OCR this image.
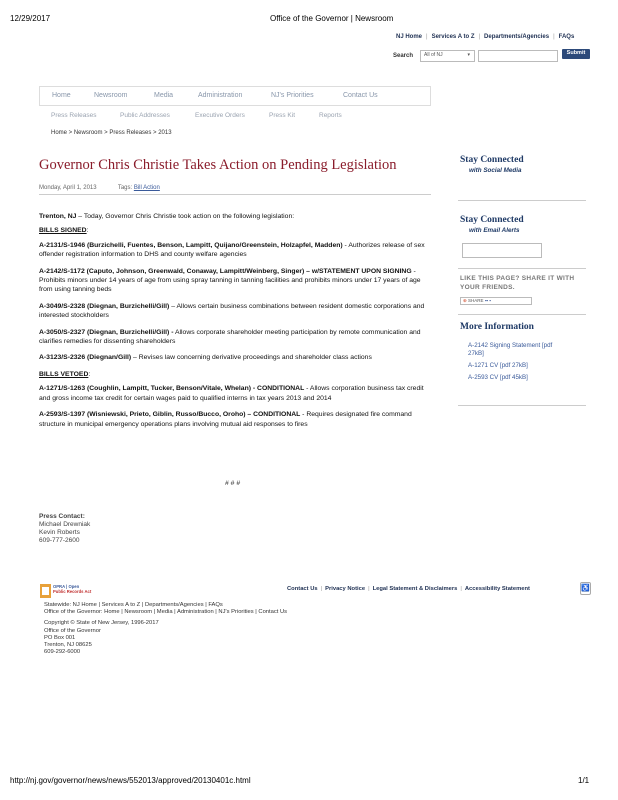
12/29/2017	Office of the Governor | Newsroom
NJ Home | Services A to Z | Departments/Agencies | FAQs
Search	All of NJ	▾	Submit
Home	Newsroom	Media	Administration	NJ's Priorities	Contact Us
Press Releases	Public Addresses	Executive Orders	Press Kit	Reports
Home > Newsroom > Press Releases > 2013
Governor Chris Christie Takes Action on Pending Legislation
Monday, April 1, 2013	Tags: Bill Action
Trenton, NJ – Today, Governor Chris Christie took action on the following legislation:
BILLS SIGNED:
A-2131/S-1946 (Burzichelli, Fuentes, Benson, Lampitt, Quijano/Greenstein, Holzapfel, Madden) - Authorizes release of sex offender registration information to DHS and county welfare agencies
A-2142/S-1172 (Caputo, Johnson, Greenwald, Conaway, Lampitt/Weinberg, Singer) – w/STATEMENT UPON SIGNING - Prohibits minors under 14 years of age from using spray tanning in tanning facilities and prohibits minors under 17 years of age from using tanning beds
A-3049/S-2328 (Diegnan, Burzichelli/Gill) – Allows certain business combinations between resident domestic corporations and interested stockholders
A-3050/S-2327 (Diegnan, Burzichelli/Gill) - Allows corporate shareholder meeting participation by remote communication and clarifies remedies for dissenting shareholders
A-3123/S-2326 (Diegnan/Gill) – Revises law concerning derivative proceedings and shareholder class actions
BILLS VETOED:
A-1271/S-1263 (Coughlin, Lampitt, Tucker, Benson/Vitale, Whelan) - CONDITIONAL - Allows corporation business tax credit and gross income tax credit for certain wages paid to qualified interns in tax years 2013 and 2014
A-2593/S-1397 (Wisniewski, Prieto, Giblin, Russo/Bucco, Oroho) – CONDITIONAL - Requires designated fire command structure in municipal emergency operations plans involving mutual aid responses to fires
# # #
Press Contact:
Michael Drewniak
Kevin Roberts
609-777-2600
Stay Connected
with Social Media
Stay Connected
with Email Alerts
LIKE THIS PAGE? SHARE IT WITH YOUR FRIENDS.
⊕ SHARE ▪▪ ▪
More Information
A-2142 Signing Statement [pdf 27kB]
A-1271 CV [pdf 27kB]
A-2593 CV [pdf 45kB]
OPRA | Open
Public Records Act	Contact Us | Privacy Notice | Legal Statement & Disclaimers | Accessibility Statement	♿
Statewide: NJ Home | Services A to Z | Departments/Agencies | FAQs
Office of the Governor: Home | Newsroom | Media | Administration | NJ's Priorities | Contact Us
Copyright © State of New Jersey, 1996-2017
Office of the Governor
PO Box 001
Trenton, NJ 08625
609-292-6000
http://nj.gov/governor/news/news/552013/approved/20130401c.html	1/1
